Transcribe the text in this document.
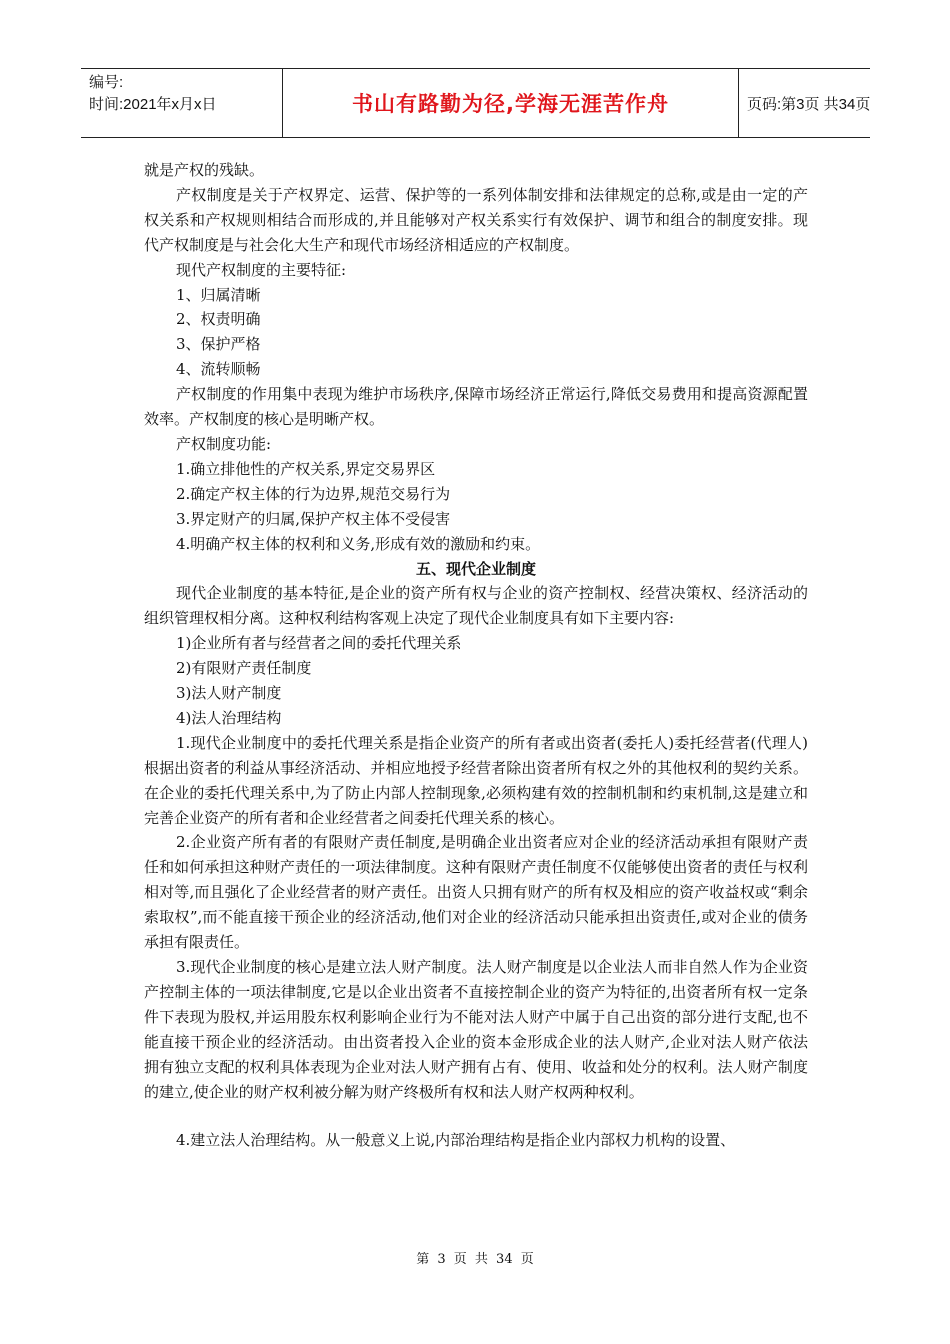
编号:
时间:2021年x月x日	书山有路勤为径,学海无涯苦作舟	页码:第3页 共34页

就是产权的残缺。

产权制度是关于产权界定、运营、保护等的一系列体制安排和法律规定的总称,或是由一定的产权关系和产权规则相结合而形成的,并且能够对产权关系实行有效保护、调节和组合的制度安排。现代产权制度是与社会化大生产和现代市场经济相适应的产权制度。

现代产权制度的主要特征:

1、归属清晰

2、权责明确

3、保护严格

4、流转顺畅

产权制度的作用集中表现为维护市场秩序,保障市场经济正常运行,降低交易费用和提高资源配置效率。产权制度的核心是明晰产权。

产权制度功能:

1.确立排他性的产权关系,界定交易界区

2.确定产权主体的行为边界,规范交易行为

3.界定财产的归属,保护产权主体不受侵害

4.明确产权主体的权利和义务,形成有效的激励和约束。

五、现代企业制度

现代企业制度的基本特征,是企业的资产所有权与企业的资产控制权、经营决策权、经济活动的组织管理权相分离。这种权利结构客观上决定了现代企业制度具有如下主要内容:

1)企业所有者与经营者之间的委托代理关系

2)有限财产责任制度

3)法人财产制度

4)法人治理结构

1.现代企业制度中的委托代理关系是指企业资产的所有者或出资者(委托人)委托经营者(代理人)根据出资者的利益从事经济活动、并相应地授予经营者除出资者所有权之外的其他权利的契约关系。在企业的委托代理关系中,为了防止内部人控制现象,必须构建有效的控制机制和约束机制,这是建立和完善企业资产的所有者和企业经营者之间委托代理关系的核心。

2.企业资产所有者的有限财产责任制度,是明确企业出资者应对企业的经济活动承担有限财产责任和如何承担这种财产责任的一项法律制度。这种有限财产责任制度不仅能够使出资者的责任与权利相对等,而且强化了企业经营者的财产责任。出资人只拥有财产的所有权及相应的资产收益权或“剩余索取权”,而不能直接干预企业的经济活动,他们对企业的经济活动只能承担出资责任,或对企业的债务承担有限责任。

3.现代企业制度的核心是建立法人财产制度。法人财产制度是以企业法人而非自然人作为企业资产控制主体的一项法律制度,它是以企业出资者不直接控制企业的资产为特征的,出资者所有权一定条件下表现为股权,并运用股东权利影响企业行为不能对法人财产中属于自己出资的部分进行支配,也不能直接干预企业的经济活动。由出资者投入企业的资本金形成企业的法人财产,企业对法人财产依法拥有独立支配的权利具体表现为企业对法人财产拥有占有、使用、收益和处分的权利。法人财产制度的建立,使企业的财产权利被分解为财产终极所有权和法人财产权两种权利。

4.建立法人治理结构。从一般意义上说,内部治理结构是指企业内部权力机构的设置、

第 3 页 共 34 页
